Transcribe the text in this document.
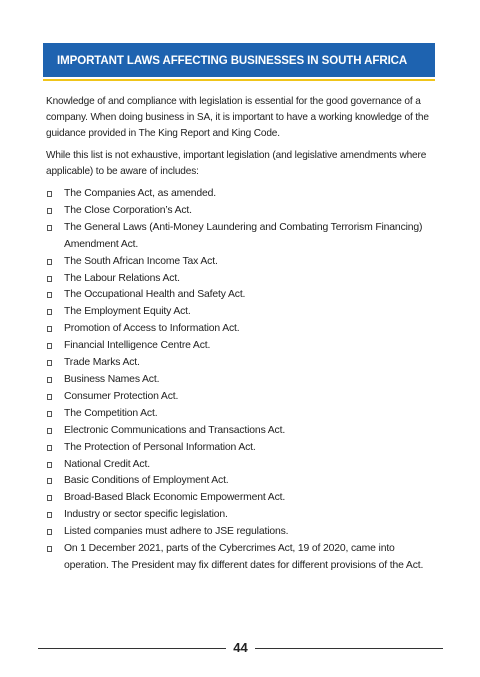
IMPORTANT LAWS AFFECTING BUSINESSES IN SOUTH AFRICA

Knowledge of and compliance with legislation is essential for the good governance of a company. When doing business in SA, it is important to have a working knowledge of the guidance provided in The King Report and King Code.

While this list is not exhaustive, important legislation (and legislative amendments where applicable) to be aware of includes:

The Companies Act, as amended.
The Close Corporation’s Act.
The General Laws (Anti-Money Laundering and Combating Terrorism Financing) Amendment Act.
The South African Income Tax Act.
The Labour Relations Act.
The Occupational Health and Safety Act.
The Employment Equity Act.
Promotion of Access to Information Act.
Financial Intelligence Centre Act.
Trade Marks Act.
Business Names Act.
Consumer Protection Act.
The Competition Act.
Electronic Communications and Transactions Act.
The Protection of Personal Information Act.
National Credit Act.
Basic Conditions of Employment Act.
Broad-Based Black Economic Empowerment Act.
Industry or sector specific legislation.
Listed companies must adhere to JSE regulations.
On 1 December 2021, parts of the Cybercrimes Act, 19 of 2020, came into operation. The President may fix different dates for different provisions of the Act.
44
